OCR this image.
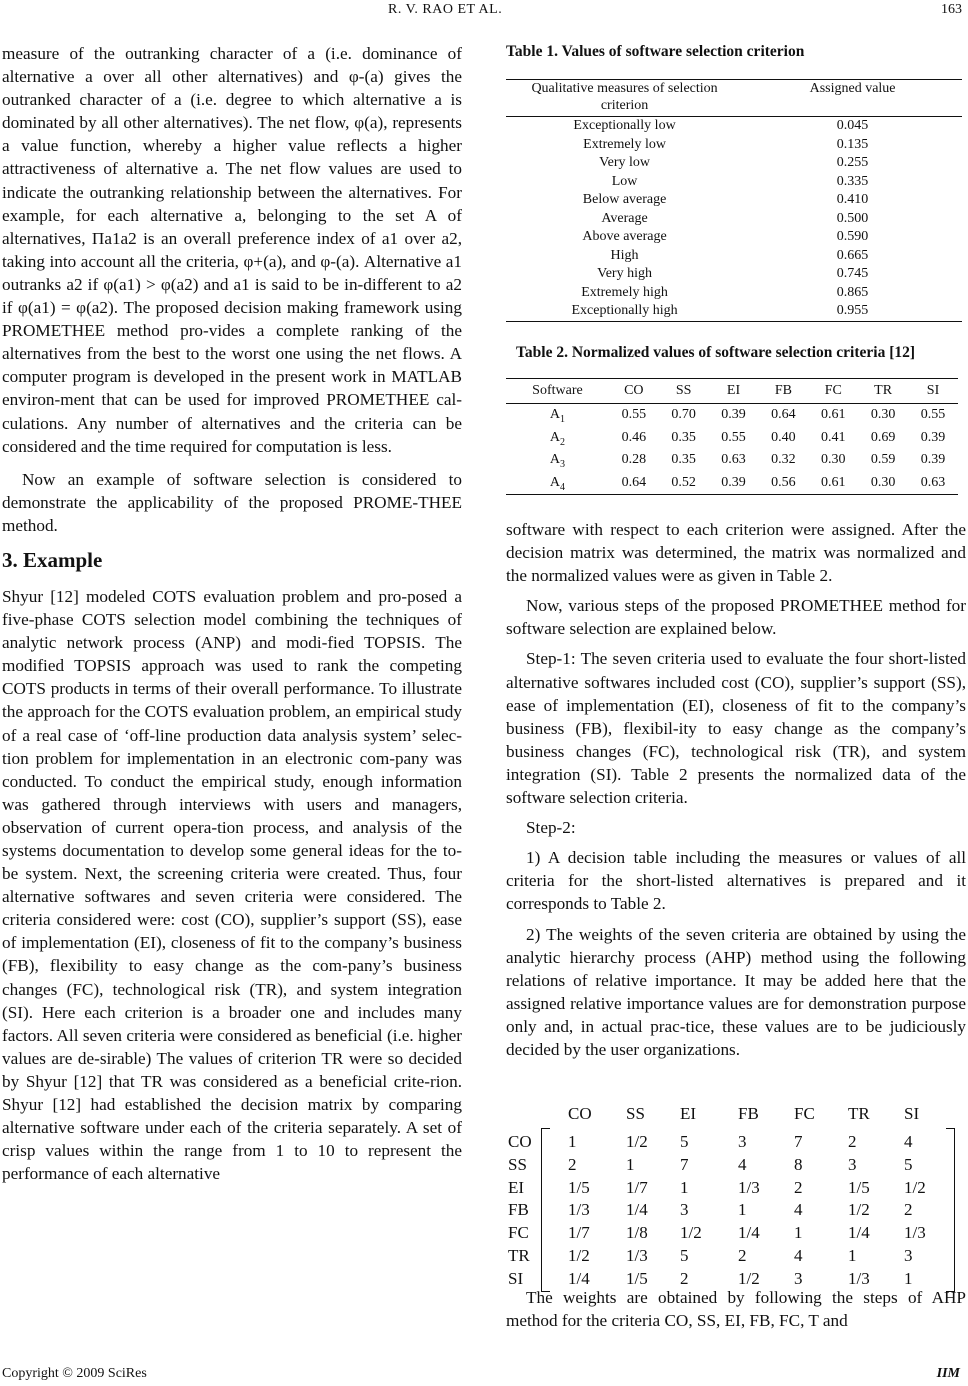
R. V. RAO ET AL.	163

measure of the outranking character of a (i.e. dominance of alternative a over all other alternatives) and φ-(a) gives the outranked character of a (i.e. degree to which alternative a is dominated by all other alternatives). The net flow, φ(a), represents a value function, whereby a higher value reflects a higher attractiveness of alternative a. The net flow values are used to indicate the outranking relationship between the alternatives. For example, for each alternative a, belonging to the set A of alternatives, Πa1a2 is an overall preference index of a1 over a2, taking into account all the criteria, φ+(a), and φ-(a). Alternative a1 outranks a2 if φ(a1) > φ(a2) and a1 is said to be in-different to a2 if φ(a1) = φ(a2). The proposed decision making framework using PROMETHEE method pro-vides a complete ranking of the alternatives from the best to the worst one using the net flows. A computer program is developed in the present work in MATLAB environ-ment that can be used for improved PROMETHEE cal-culations. Any number of alternatives and the criteria can be considered and the time required for computation is less.

Now an example of software selection is considered to demonstrate the applicability of the proposed PROME-THEE method.

3. Example

Shyur [12] modeled COTS evaluation problem and pro-posed a five-phase COTS selection model combining the techniques of analytic network process (ANP) and modi-fied TOPSIS. The modified TOPSIS approach was used to rank the competing COTS products in terms of their overall performance. To illustrate the approach for the COTS evaluation problem, an empirical study of a real case of ‘off-line production data analysis system’ selec-tion problem for implementation in an electronic com-pany was conducted. To conduct the empirical study, enough information was gathered through interviews with users and managers, observation of current opera-tion process, and analysis of the systems documentation to develop some general ideas for the to-be system. Next, the screening criteria were created. Thus, four alternative softwares and seven criteria were considered. The criteria considered were: cost (CO), supplier’s support (SS), ease of implementation (EI), closeness of fit to the company’s business (FB), flexibility to easy change as the com-pany’s business changes (FC), technological risk (TR), and system integration (SI). Here each criterion is a broader one and includes many factors. All seven criteria were considered as beneficial (i.e. higher values are de-sirable) The values of criterion TR were so decided by Shyur [12] that TR was considered as a beneficial crite-rion. Shyur [12] had established the decision matrix by comparing alternative software under each of the criteria separately. A set of crisp values within the range from 1 to 10 to represent the performance of each alternative

Table 1. Values of software selection criterion
Qualitative measures of selection criterion	Assigned value
Exceptionally low	0.045
Extremely low	0.135
Very low	0.255
Low	0.335
Below average	0.410
Average	0.500
Above average	0.590
High	0.665
Very high	0.745
Extremely high	0.865
Exceptionally high	0.955
Table 2. Normalized values of software selection criteria [12]
Software	CO	SS	EI	FB	FC	TR	SI
$A_1$	0.55	0.70	0.39	0.64	0.61	0.30	0.55
$A_2$	0.46	0.35	0.55	0.40	0.41	0.69	0.39
$A_3$	0.28	0.35	0.63	0.32	0.30	0.59	0.39
$A_4$	0.64	0.52	0.39	0.56	0.61	0.30	0.63

software with respect to each criterion were assigned. After the decision matrix was determined, the matrix was normalized and the normalized values were as given in Table 2.

Now, various steps of the proposed PROMETHEE method for software selection are explained below.

Step-1: The seven criteria used to evaluate the four short-listed alternative softwares included cost (CO), supplier’s support (SS), ease of implementation (EI), closeness of fit to the company’s business (FB), flexibil-ity to easy change as the company’s business changes (FC), technological risk (TR), and system integration (SI). Table 2 presents the normalized data of the software selection criteria.

Step-2:

1) A decision table including the measures or values of all criteria for the short-listed alternatives is prepared and it corresponds to Table 2.

2) The weights of the seven criteria are obtained by using the analytic hierarchy process (AHP) method using the following relations of relative importance. It may be added here that the assigned relative importance values are for demonstration purpose only and, in actual prac-tice, these values are to be judiciously decided by the user organizations.

CO SS EI FB FC TR SI
CO 1	1/2 5	3	7	2	4
SS 2	1	7	4	8	3	5
EI	1/5 1/7 1	1/3 2	1/5 1/2
FB 1/3 1/4 3	1	4	1/2 2
FC 1/7 1/8 1/2 1/4 1	1/4 1/3
TR 1/2 1/3 5	2	4	1	3
SI	1/4 1/5 2	1/2 3	1/3 1

The weights are obtained by following the steps of AHP method for the criteria CO, SS, EI, FB, FC, T and

Copyright © 2009 SciRes	IIM
